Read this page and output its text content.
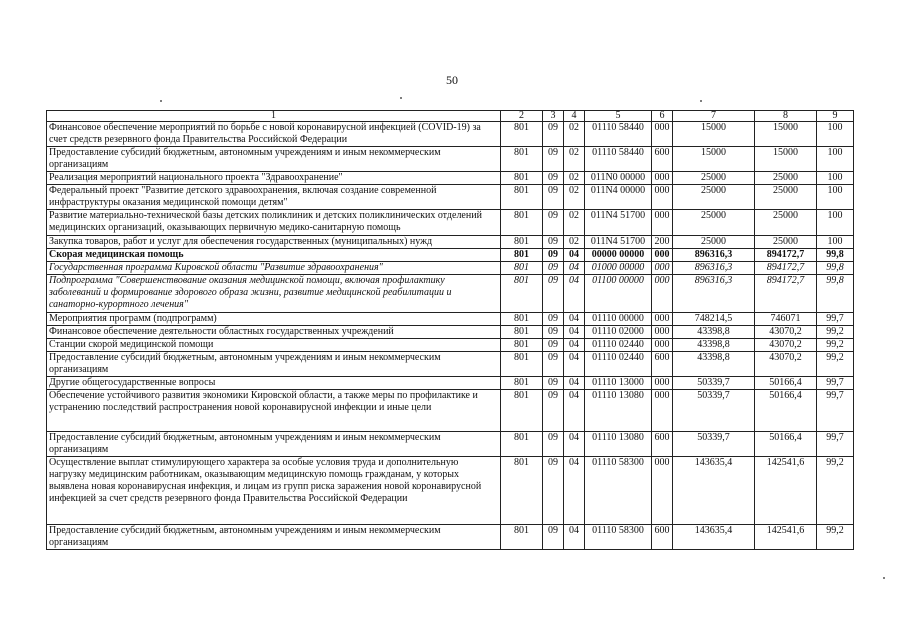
50
1	2	3	4	5	6	7	8	9
Финансовое обеспечение мероприятий по борьбе с новой коронавирусной инфекцией (COVID-19) за счет средств резервного фонда Правительства Российской Федерации	801	09	02	01110 58440	000	15000	15000	100
Предоставление субсидий бюджетным, автономным учреждениям и иным некоммерческим организациям	801	09	02	01110 58440	600	15000	15000	100
Реализация мероприятий национального проекта "Здравоохранение"	801	09	02	011N0 00000	000	25000	25000	100
Федеральный проект "Развитие детского здравоохранения, включая создание современной инфраструктуры оказания медицинской помощи детям"	801	09	02	011N4 00000	000	25000	25000	100
Развитие материально-технической базы детских поликлиник и детских поликлинических отделений медицинских организаций, оказывающих первичную медико-санитарную помощь	801	09	02	011N4 51700	000	25000	25000	100
Закупка товаров, работ и услуг для обеспечения государственных (муниципальных) нужд	801	09	02	011N4 51700	200	25000	25000	100
Скорая медицинская помощь	801	09	04	00000 00000	000	896316,3	894172,7	99,8
Государственная программа Кировской области "Развитие здравоохранения"	801	09	04	01000 00000	000	896316,3	894172,7	99,8
Подпрограмма "Совершенствование оказания медицинской помощи, включая профилактику заболеваний и формирование здорового образа жизни, развитие медицинской реабилитации и санаторно-курортного лечения"	801	09	04	01100 00000	000	896316,3	894172,7	99,8
Мероприятия программ (подпрограмм)	801	09	04	01110 00000	000	748214,5	746071	99,7
Финансовое обеспечение деятельности областных государственных учреждений	801	09	04	01110 02000	000	43398,8	43070,2	99,2
Станции скорой медицинской помощи	801	09	04	01110 02440	000	43398,8	43070,2	99,2
Предоставление субсидий бюджетным, автономным учреждениям и иным некоммерческим организациям	801	09	04	01110 02440	600	43398,8	43070,2	99,2
Другие общегосударственные вопросы	801	09	04	01110 13000	000	50339,7	50166,4	99,7
Обеспечение устойчивого развития экономики Кировской области, а также меры по профилактике и устранению последствий распространения новой коронавирусной инфекции и иные цели	801	09	04	01110 13080	000	50339,7	50166,4	99,7
Предоставление субсидий бюджетным, автономным учреждениям и иным некоммерческим организациям	801	09	04	01110 13080	600	50339,7	50166,4	99,7
Осуществление выплат стимулирующего характера за особые условия труда и дополнительную нагрузку медицинским работникам, оказывающим медицинскую помощь гражданам, у которых выявлена новая коронавирусная инфекция, и лицам из групп риска заражения новой коронавирусной инфекцией за счет средств резервного фонда Правительства Российской Федерации	801	09	04	01110 58300	000	143635,4	142541,6	99,2
Предоставление субсидий бюджетным, автономным учреждениям и иным некоммерческим организациям	801	09	04	01110 58300	600	143635,4	142541,6	99,2
